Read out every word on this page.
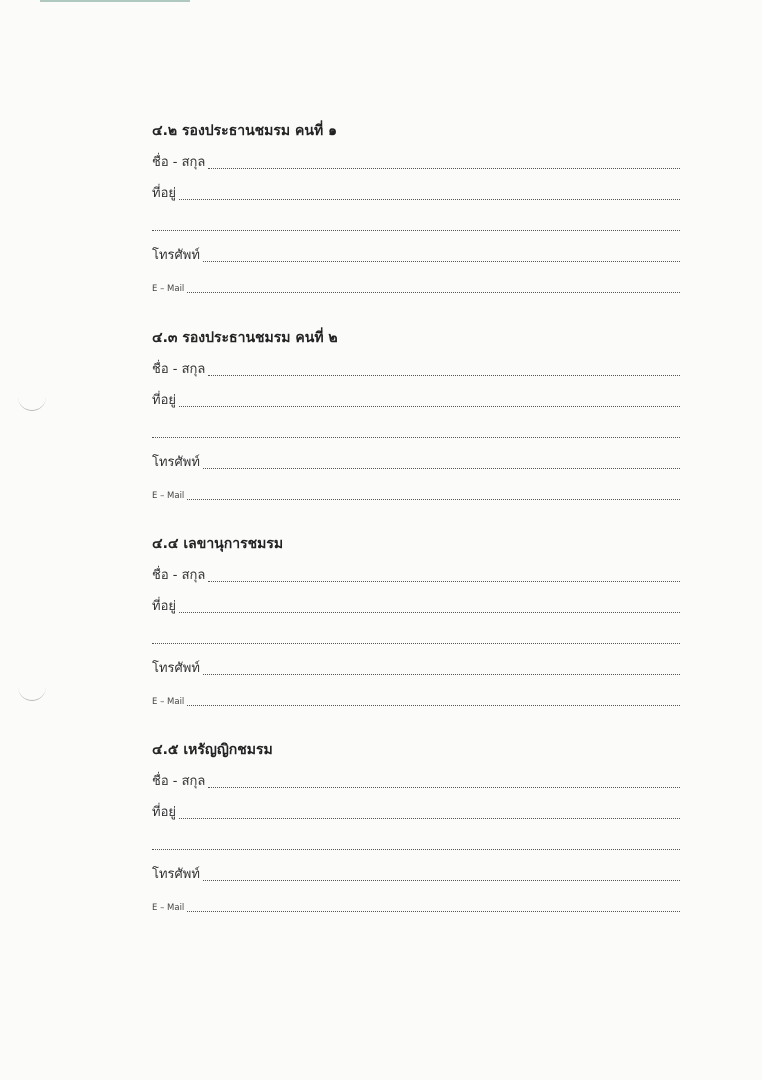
๔.๒ รองประธานชมรม คนที่ ๑
ชื่อ - สกุล
ที่อยู่
โทรศัพท์
E – Mail
๔.๓ รองประธานชมรม คนที่ ๒
ชื่อ - สกุล
ที่อยู่
โทรศัพท์
E – Mail
๔.๔ เลขานุการชมรม
ชื่อ - สกุล
ที่อยู่
โทรศัพท์
E – Mail
๔.๕ เหรัญญิกชมรม
ชื่อ - สกุล
ที่อยู่
โทรศัพท์
E – Mail
